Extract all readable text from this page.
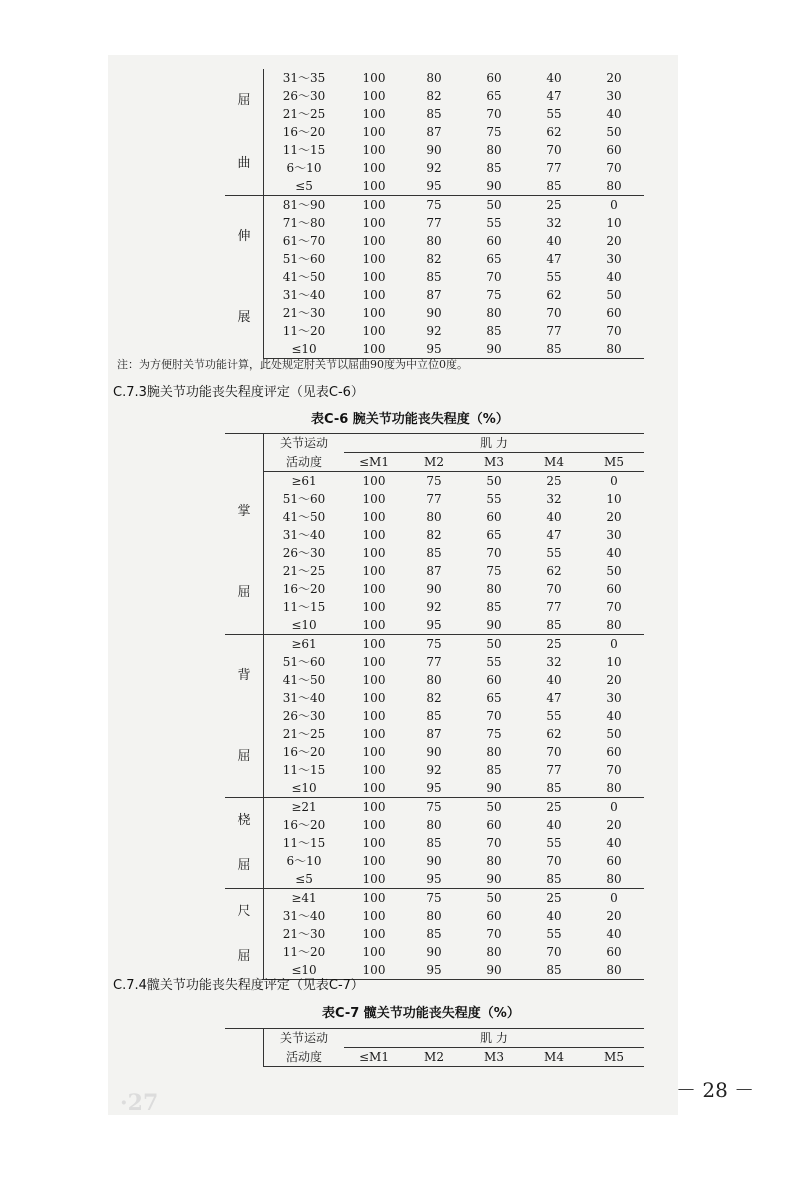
屈
曲	31～35	100	80	60	40	20
	26～30	100	82	65	47	30
	21～25	100	85	70	55	40
	16～20	100	87	75	62	50
	11～15	100	90	80	70	60
	6～10	100	92	85	77	70
	≤5	100	95	90	85	80

伸
展	81～90	100	75	50	25	0
	71～80	100	77	55	32	10
	61～70	100	80	60	40	20
	51～60	100	82	65	47	30
	41～50	100	85	70	55	40
	31～40	100	87	75	62	50
	21～30	100	90	80	70	60
	11～20	100	92	85	77	70
	≤10	100	95	90	85	80
注：为方便肘关节功能计算，此处规定肘关节以屈曲90度为中立位0度。
C.7.3腕关节功能丧失程度评定（见表C-6）
表C-6 腕关节功能丧失程度（%）
	关节运动	肌 力				
	活动度	≤M1	M2	M3	M4	M5

掌
屈	≥61	100	75	50	25	0
	51～60	100	77	55	32	10
	41～50	100	80	60	40	20
	31～40	100	82	65	47	30
	26～30	100	85	70	55	40
	21～25	100	87	75	62	50
	16～20	100	90	80	70	60
	11～15	100	92	85	77	70
	≤10	100	95	90	85	80

背
屈	≥61	100	75	50	25	0
	51～60	100	77	55	32	10
	41～50	100	80	60	40	20
	31～40	100	82	65	47	30
	26～30	100	85	70	55	40
	21～25	100	87	75	62	50
	16～20	100	90	80	70	60
	11～15	100	92	85	77	70
	≤10	100	95	90	85	80

桡
屈	≥21	100	75	50	25	0
	16～20	100	80	60	40	20
	11～15	100	85	70	55	40
	6～10	100	90	80	70	60
	≤5	100	95	90	85	80

尺
屈	≥41	100	75	50	25	0
	31～40	100	80	60	40	20
	21～30	100	85	70	55	40
	11～20	100	90	80	70	60
	≤10	100	95	90	85	80
C.7.4髋关节功能丧失程度评定（见表C-7）
表C-7 髋关节功能丧失程度（%）
	关节运动	肌 力				
	活动度	≤M1	M2	M3	M4	M5
·27	－ 28 －
